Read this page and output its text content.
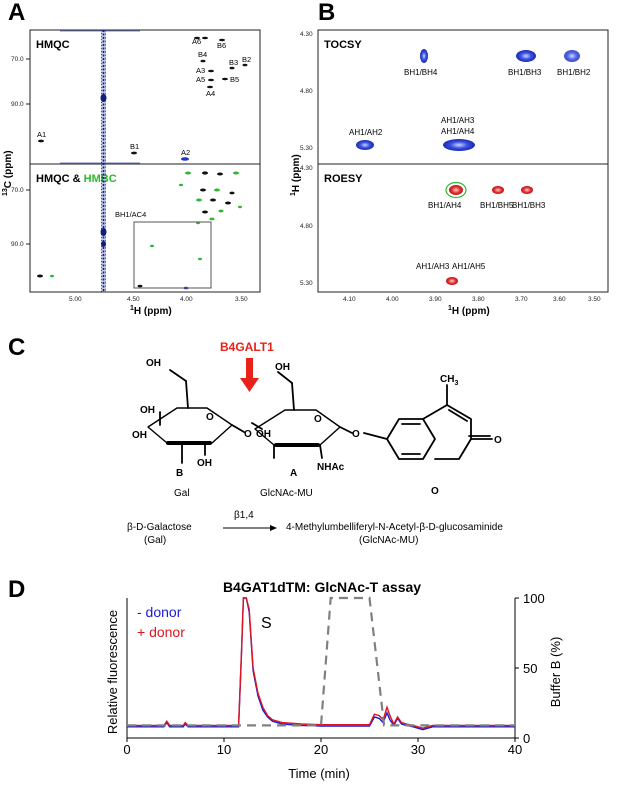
A
HMQC
HMQC & HMBC
A1
B1
A2
A6 B6
B4
A3
B3 B2
A5	B5
A4
BH1/AC4
70.0
90.0
70.0
90.0
5.00	4.50	4.00	3.50
$^1$H (ppm)
$^{13}$C (ppm)
B
TOCSY
ROESY
BH1/BH4	BH1/BH3 BH1/BH2
AH1/AH2
AH1/AH3
AH1/AH4
BH1/AH4 BH1/BH5
BH1/BH3
AH1/AH3 AH1/AH5
4.30
4.80
5.30
4.30
4.80
5.30
4.10	4.00	3.90	3.80	3.70	3.60	3.50
$^1$H (ppm)
$^1$H (ppm)
C	B4GALT1
OH
OH
OH
O
OH
O
OH
O
OH
NHAc
O
O
O
$CH_3$
B
Gal
A
GlcNAc-MU
β-D-Galactose
(Gal)
β1,4
4-Methylumbelliferyl-N-Acetyl-β-D-glucosaminide
(GlcNAc-MU)
D	B4GAT1dTM: GlcNAc-T assay
0	10	20	30	40
0
50
100
- donor
+ donor	S
Time (min)
Relative fluorescence	Buffer B (%)
